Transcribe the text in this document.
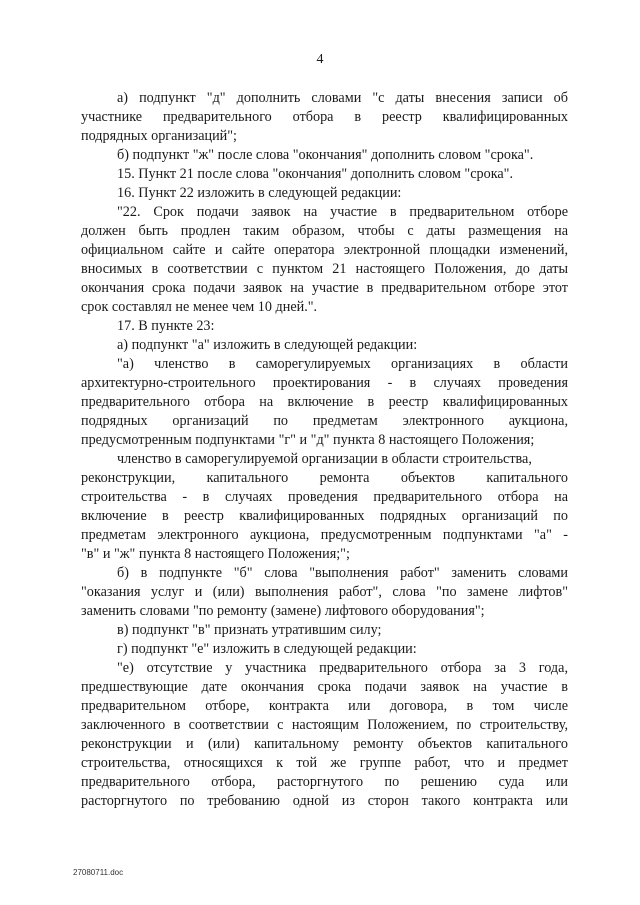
4
а) подпункт "д" дополнить словами "с даты внесения записи об
участнике предварительного отбора в реестр квалифицированных
подрядных организаций";
б) подпункт "ж" после слова "окончания" дополнить словом "срока".
15. Пункт 21 после слова "окончания" дополнить словом "срока".
16. Пункт 22 изложить в следующей редакции:
"22. Срок подачи заявок на участие в предварительном отборе
должен быть продлен таким образом, чтобы с даты размещения на
официальном сайте и сайте оператора электронной площадки изменений,
вносимых в соответствии с пунктом 21 настоящего Положения, до даты
окончания срока подачи заявок на участие в предварительном отборе этот
срок составлял не менее чем 10 дней.".
17. В пункте 23:
а) подпункт "а" изложить в следующей редакции:
"а) членство в саморегулируемых организациях в области
архитектурно-строительного проектирования - в случаях проведения
предварительного отбора на включение в реестр квалифицированных
подрядных организаций по предметам электронного аукциона,
предусмотренным подпунктами "г" и "д" пункта 8 настоящего Положения;
членство в саморегулируемой организации в области строительства,
реконструкции, капитального ремонта объектов капитального
строительства - в случаях проведения предварительного отбора на
включение в реестр квалифицированных подрядных организаций по
предметам электронного аукциона, предусмотренным подпунктами "а" -
"в" и "ж" пункта 8 настоящего Положения;";
б) в подпункте "б" слова "выполнения работ" заменить словами
"оказания услуг и (или) выполнения работ", слова "по замене лифтов"
заменить словами "по ремонту (замене) лифтового оборудования";
в) подпункт "в" признать утратившим силу;
г) подпункт "е" изложить в следующей редакции:
"е) отсутствие у участника предварительного отбора за 3 года,
предшествующие дате окончания срока подачи заявок на участие в
предварительном отборе, контракта или договора, в том числе
заключенного в соответствии с настоящим Положением, по строительству,
реконструкции и (или) капитальному ремонту объектов капитального
строительства, относящихся к той же группе работ, что и предмет
предварительного отбора, расторгнутого по решению суда или
расторгнутого по требованию одной из сторон такого контракта или
27080711.doc
